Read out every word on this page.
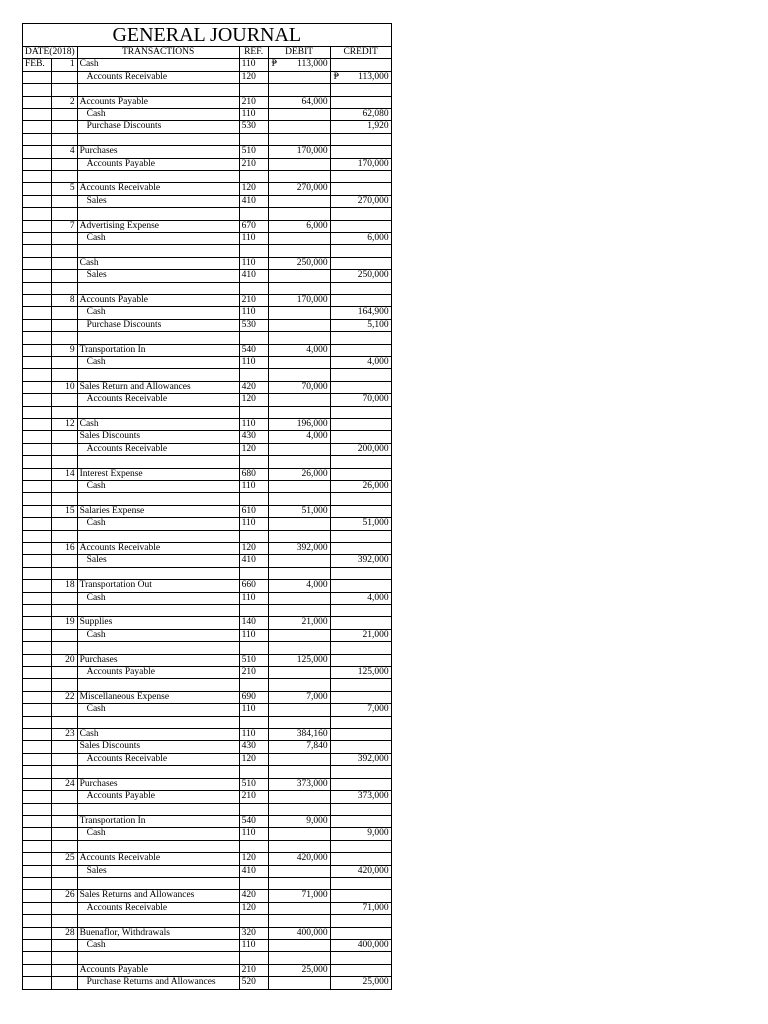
GENERAL JOURNAL					
DATE(2018)		TRANSACTIONS	REF.	DEBIT	CREDIT
FEB.	1	Cash	110	₱ 113,000	
		Accounts Receivable	120		₱ 113,000

	2	Accounts Payable	210	64,000	
		Cash	110		62,080
		Purchase Discounts	530		1,920

	4	Purchases	510	170,000	
		Accounts Payable	210		170,000

	5	Accounts Receivable	120	270,000	
		Sales	410		270,000

	7	Advertising Expense	670	6,000	
		Cash	110		6,000

		Cash	110	250,000	
		Sales	410		250,000

	8	Accounts Payable	210	170,000	
		Cash	110		164,900
		Purchase Discounts	530		5,100

	9	Transportation In	540	4,000	
		Cash	110		4,000

	10	Sales Return and Allowances	420	70,000	
		Accounts Receivable	120		70,000

	12	Cash	110	196,000	
		Sales Discounts	430	4,000	
		Accounts Receivable	120		200,000

	14	Interest Expense	680	26,000	
		Cash	110		26,000

	15	Salaries Expense	610	51,000	
		Cash	110		51,000

	16	Accounts Receivable	120	392,000	
		Sales	410		392,000

	18	Transportation Out	660	4,000	
		Cash	110		4,000

	19	Supplies	140	21,000	
		Cash	110		21,000

	20	Purchases	510	125,000	
		Accounts Payable	210		125,000

	22	Miscellaneous Expense	690	7,000	
		Cash	110		7,000

	23	Cash	110	384,160	
		Sales Discounts	430	7,840	
		Accounts Receivable	120		392,000

	24	Purchases	510	373,000	
		Accounts Payable	210		373,000

		Transportation In	540	9,000	
		Cash	110		9,000

	25	Accounts Receivable	120	420,000	
		Sales	410		420,000

	26	Sales Returns and Allowances	420	71,000	
		Accounts Receivable	120		71,000

	28	Buenaflor, Withdrawals	320	400,000	
		Cash	110		400,000

		Accounts Payable	210	25,000	
		Purchase Returns and Allowances	520		25,000
